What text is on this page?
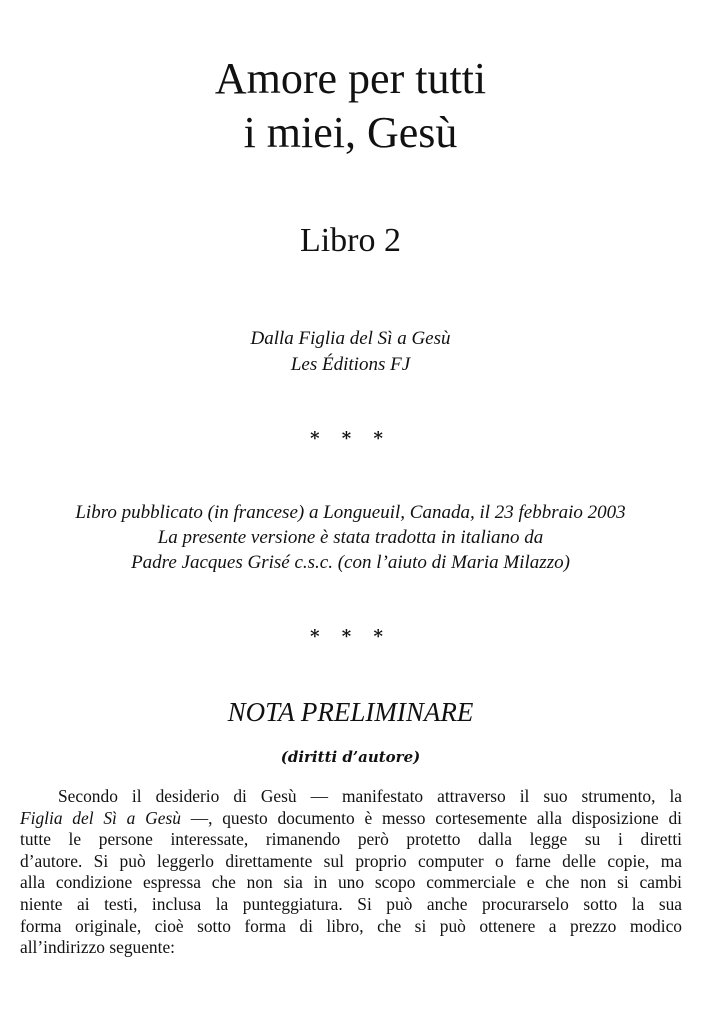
Amore per tutti
i miei, Gesù
Libro 2
Dalla Figlia del Sì a Gesù
Les Éditions FJ
* * *
Libro pubblicato (in francese) a Longueuil, Canada, il 23 febbraio 2003
La presente versione è stata tradotta in italiano da
Padre Jacques Grisé c.s.c. (con l’aiuto di Maria Milazzo)
* * *
NOTA PRELIMINARE
(diritti d’autore)
Secondo il desiderio di Gesù — manifestato attraverso il suo strumento, la
Figlia del Sì a Gesù —, questo documento è messo cortesemente alla disposizione di
tutte le persone interessate, rimanendo però protetto dalla legge su i diretti
d’autore. Si può leggerlo direttamente sul proprio computer o farne delle copie, ma
alla condizione espressa che non sia in uno scopo commerciale e che non si cambi
niente ai testi, inclusa la punteggiatura. Si può anche procurarselo sotto la sua
forma originale, cioè sotto forma di libro, che si può ottenere a prezzo modico
all’indirizzo seguente:
